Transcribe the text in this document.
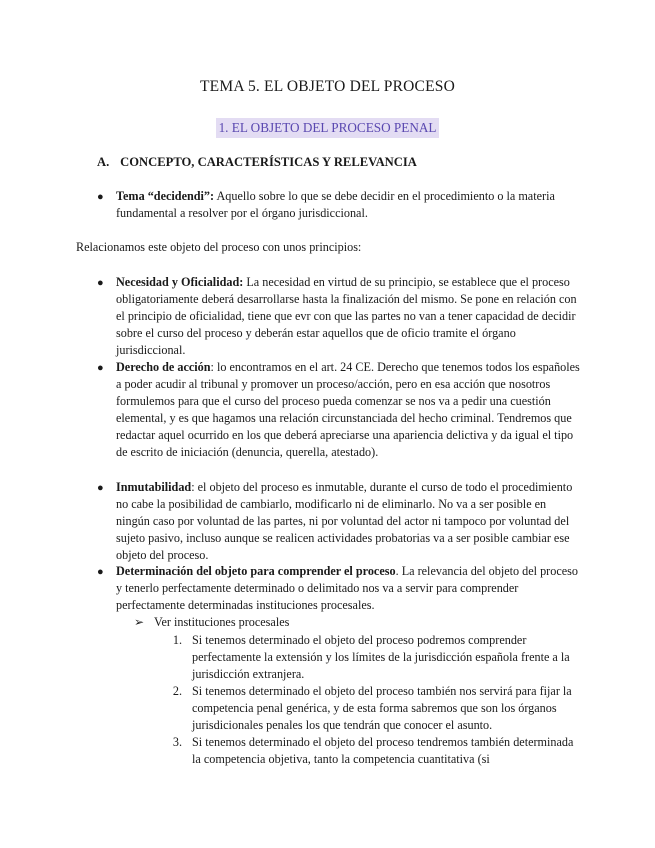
TEMA 5. EL OBJETO DEL PROCESO
1. EL OBJETO DEL PROCESO PENAL
A. CONCEPTO, CARACTERÍSTICAS Y RELEVANCIA
● Tema “decidendi”: Aquello sobre lo que se debe decidir en el procedimiento o la materia fundamental a resolver por el órgano jurisdiccional.

Relacionamos este objeto del proceso con unos principios:
● Necesidad y Oficialidad: La necesidad en virtud de su principio, se establece que el proceso obligatoriamente deberá desarrollarse hasta la finalización del mismo. Se pone en relación con el principio de oficialidad, tiene que evr con que las partes no van a tener capacidad de decidir sobre el curso del proceso y deberán estar aquellos que de oficio tramite el órgano jurisdiccional.

● Derecho de acción: lo encontramos en el art. 24 CE. Derecho que tenemos todos los españoles a poder acudir al tribunal y promover un proceso/acción, pero en esa acción que nosotros formulemos para que el curso del proceso pueda comenzar se nos va a pedir una cuestión elemental, y es que hagamos una relación circunstanciada del hecho criminal. Tendremos que redactar aquel ocurrido en los que deberá apreciarse una apariencia delictiva y da igual el tipo de escrito de iniciación (denuncia, querella, atestado).

● Inmutabilidad: el objeto del proceso es inmutable, durante el curso de todo el procedimiento no cabe la posibilidad de cambiarlo, modificarlo ni de eliminarlo. No va a ser posible en ningún caso por voluntad de las partes, ni por voluntad del actor ni tampoco por voluntad del sujeto pasivo, incluso aunque se realicen actividades probatorias va a ser posible cambiar ese objeto del proceso.

● Determinación del objeto para comprender el proceso. La relevancia del objeto del proceso y tenerlo perfectamente determinado o delimitado nos va a servir para comprender perfectamente determinadas instituciones procesales.

➢ Ver instituciones procesales
1. Si tenemos determinado el objeto del proceso podremos comprender perfectamente la extensión y los límites de la jurisdicción española frente a la jurisdicción extranjera.
2. Si tenemos determinado el objeto del proceso también nos servirá para fijar la competencia penal genérica, y de esta forma sabremos que son los órganos jurisdicionales penales los que tendrán que conocer el asunto.
3. Si tenemos determinado el objeto del proceso tendremos también determinada la competencia objetiva, tanto la competencia cuantitativa (si
